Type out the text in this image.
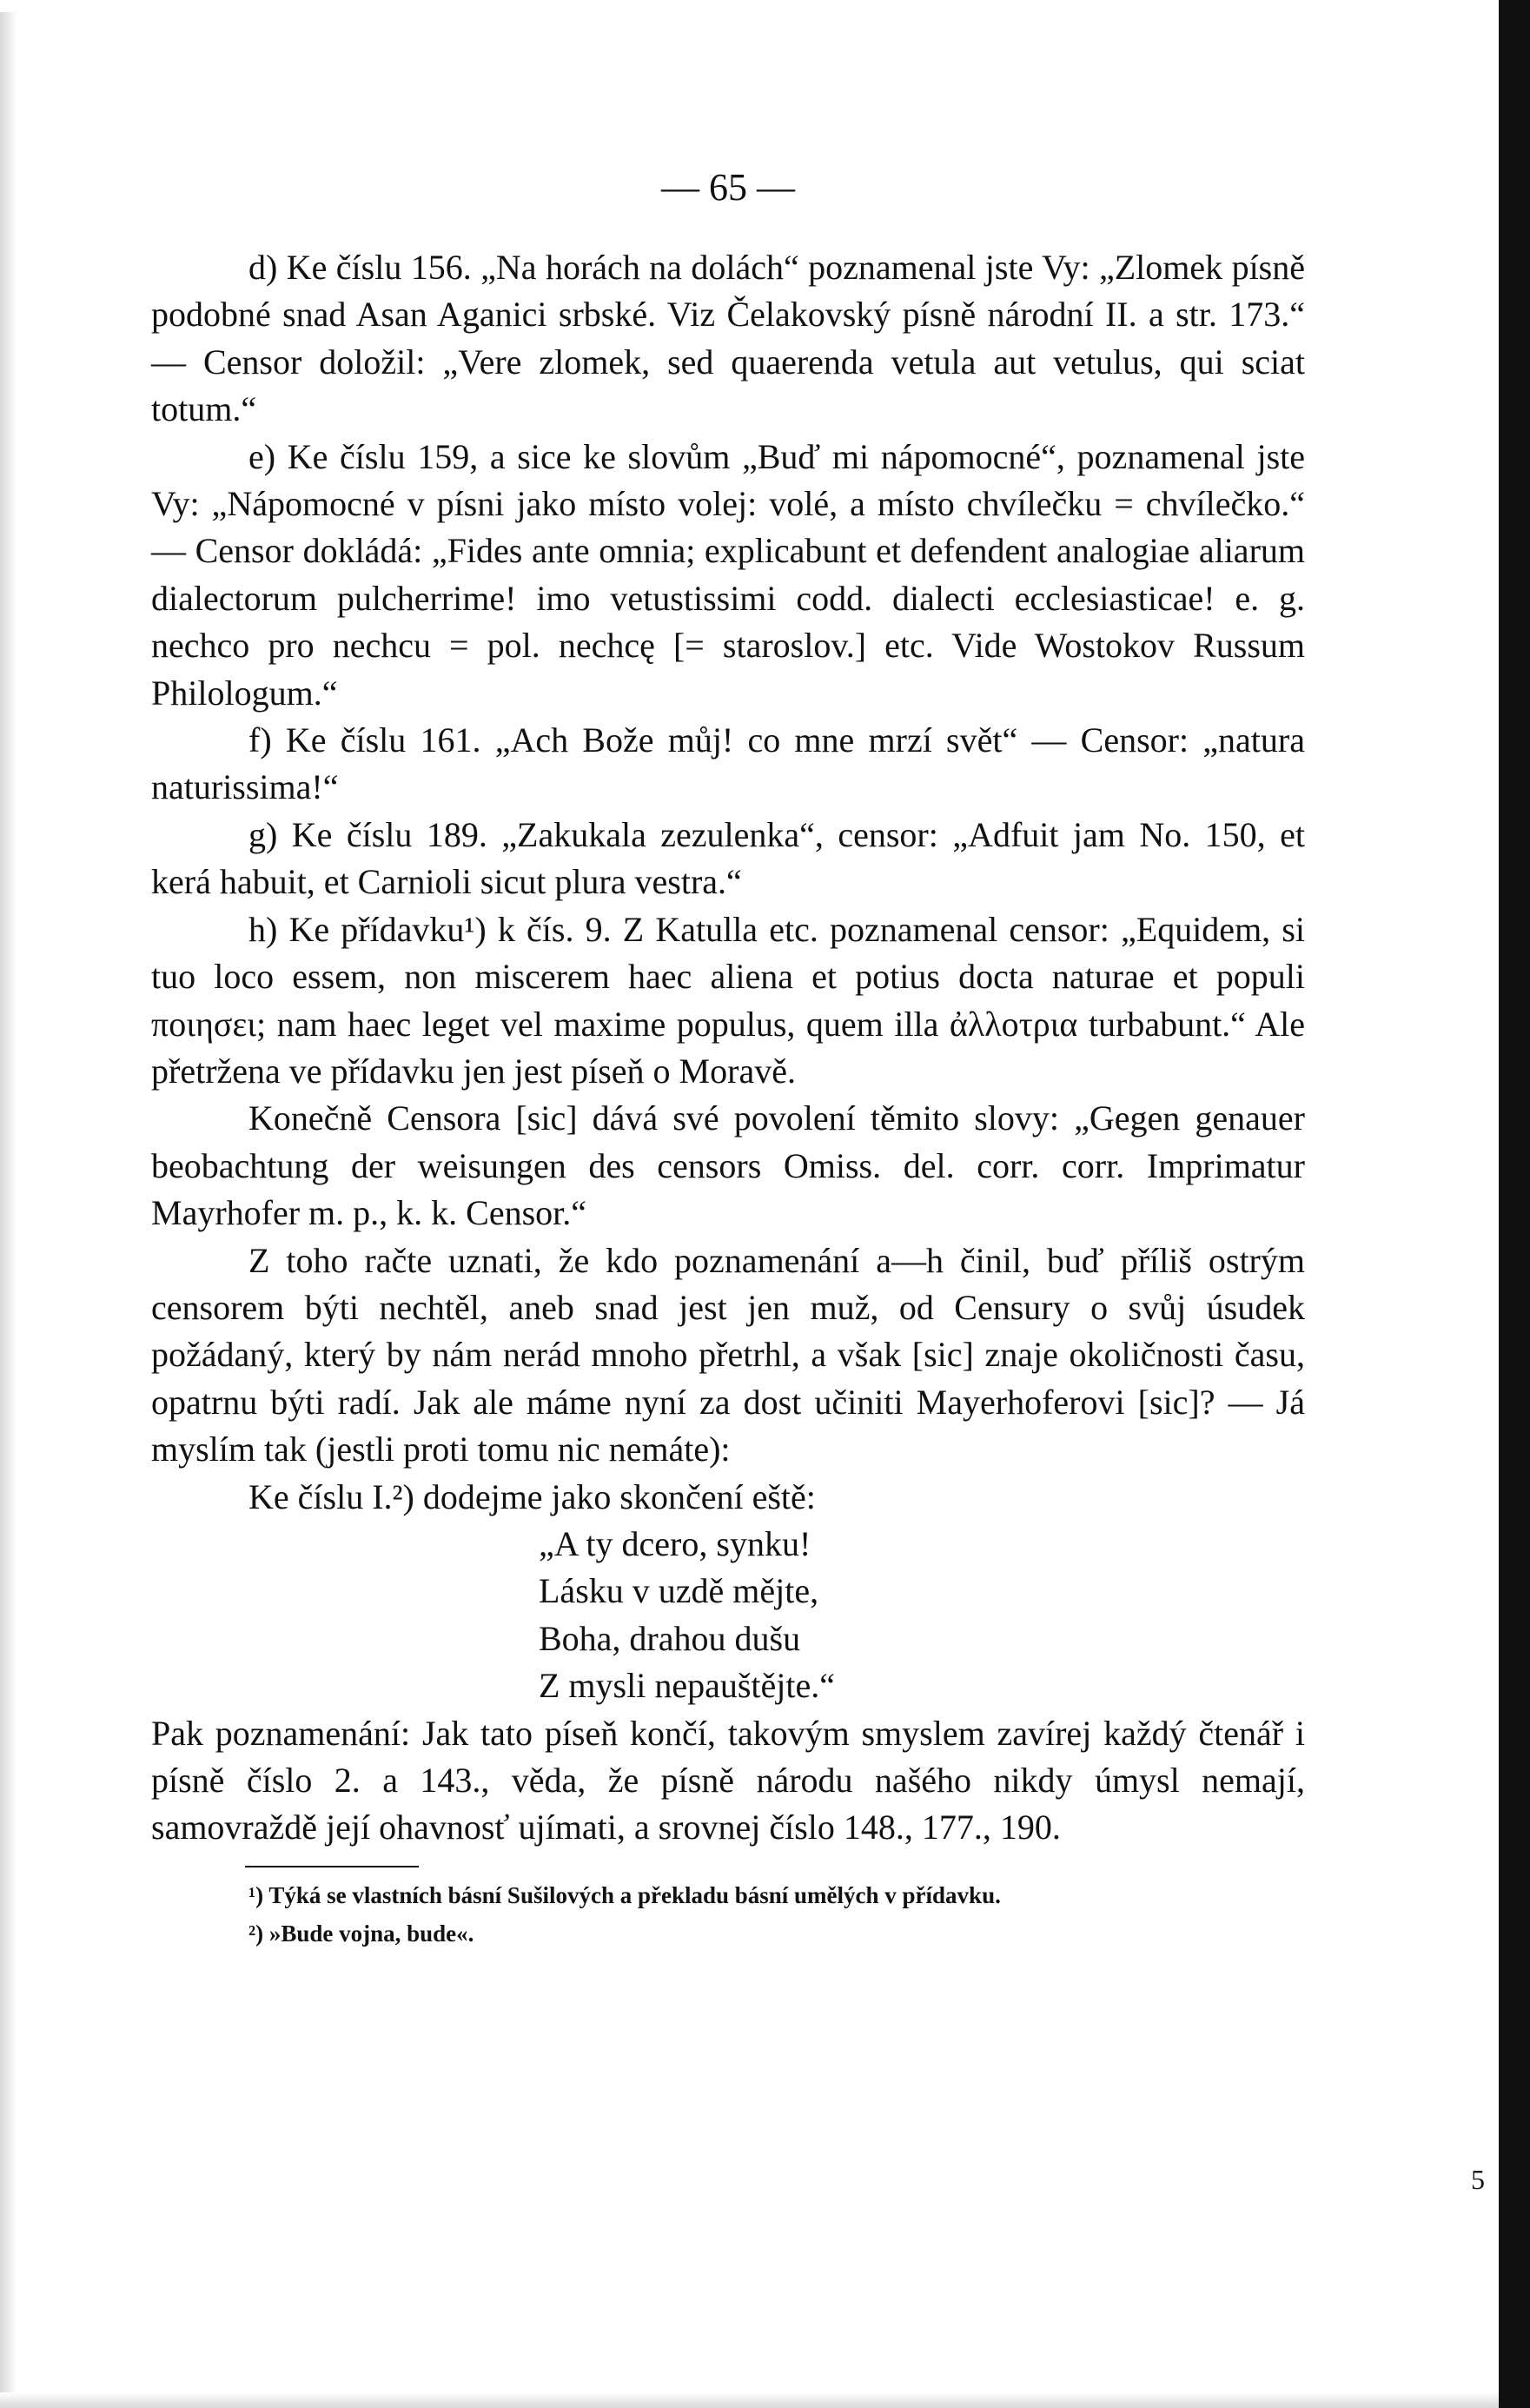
— 65 —

d) Ke číslu 156. „Na horách na dolách“ poznamenal jste Vy: „Zlomek písně podobné snad Asan Aganici srbské. Viz Čelakovský písně národní II. a str. 173.“ — Censor doložil: „Vere zlomek, sed quaerenda vetula aut vetulus, qui sciat totum.“

e) Ke číslu 159, a sice ke slovům „Buď mi nápomocné“, poznamenal jste Vy: „Nápomocné v písni jako místo volej: volé, a místo chvílečku = chvílečko.“ — Censor dokládá: „Fides ante omnia; explicabunt et defendent analogiae aliarum dialectorum pulcherrime! imo vetustissimi codd. dialecti ecclesiasticae! e. g. nechco pro nechcu = pol. nechcę [= staroslov.] etc. Vide Wostokov Russum Philologum.“

f) Ke číslu 161. „Ach Bože můj! co mne mrzí svět“ — Censor: „natura naturissima!“

g) Ke číslu 189. „Zakukala zezulenka“, censor: „Adfuit jam No. 150, et kerá habuit, et Carnioli sicut plura vestra.“

h) Ke přídavku¹) k čís. 9. Z Katulla etc. poznamenal censor: „Equidem, si tuo loco essem, non miscerem haec aliena et potius docta naturae et populi ποιησει; nam haec leget vel maxime populus, quem illa ἀλλοτρια turbabunt.“ Ale přetržena ve přídavku jen jest píseň o Moravě.

Konečně Censora [sic] dává své povolení těmito slovy: „Gegen genauer beobachtung der weisungen des censors Omiss. del. corr. corr. Imprimatur Mayrhofer m. p., k. k. Censor.“

Z toho račte uznati, že kdo poznamenání a—h činil, buď příliš ostrým censorem býti nechtěl, aneb snad jest jen muž, od Censury o svůj úsudek požádaný, který by nám nerád mnoho přetrhl, a však [sic] znaje okoličnosti času, opatrnu býti radí. Jak ale máme nyní za dost učiniti Mayerhoferovi [sic]? — Já myslím tak (jestli proti tomu nic nemáte):

Ke číslu I.²) dodejme jako skončení eště:

„A ty dcero, synku!
Lásku v uzdě mějte,
Boha, drahou dušu
Z mysli nepauštějte.“

Pak poznamenání: Jak tato píseň končí, takovým smyslem zavírej každý čtenář i písně číslo 2. a 143., věda, že písně národu našého nikdy úmysl nemají, samovraždě její ohavnosť ujímati, a srovnej číslo 148., 177., 190.

¹) Týká se vlastních básní Sušilových a překladu básní umělých v přídavku.
²) »Bude vojna, bude«.
5
